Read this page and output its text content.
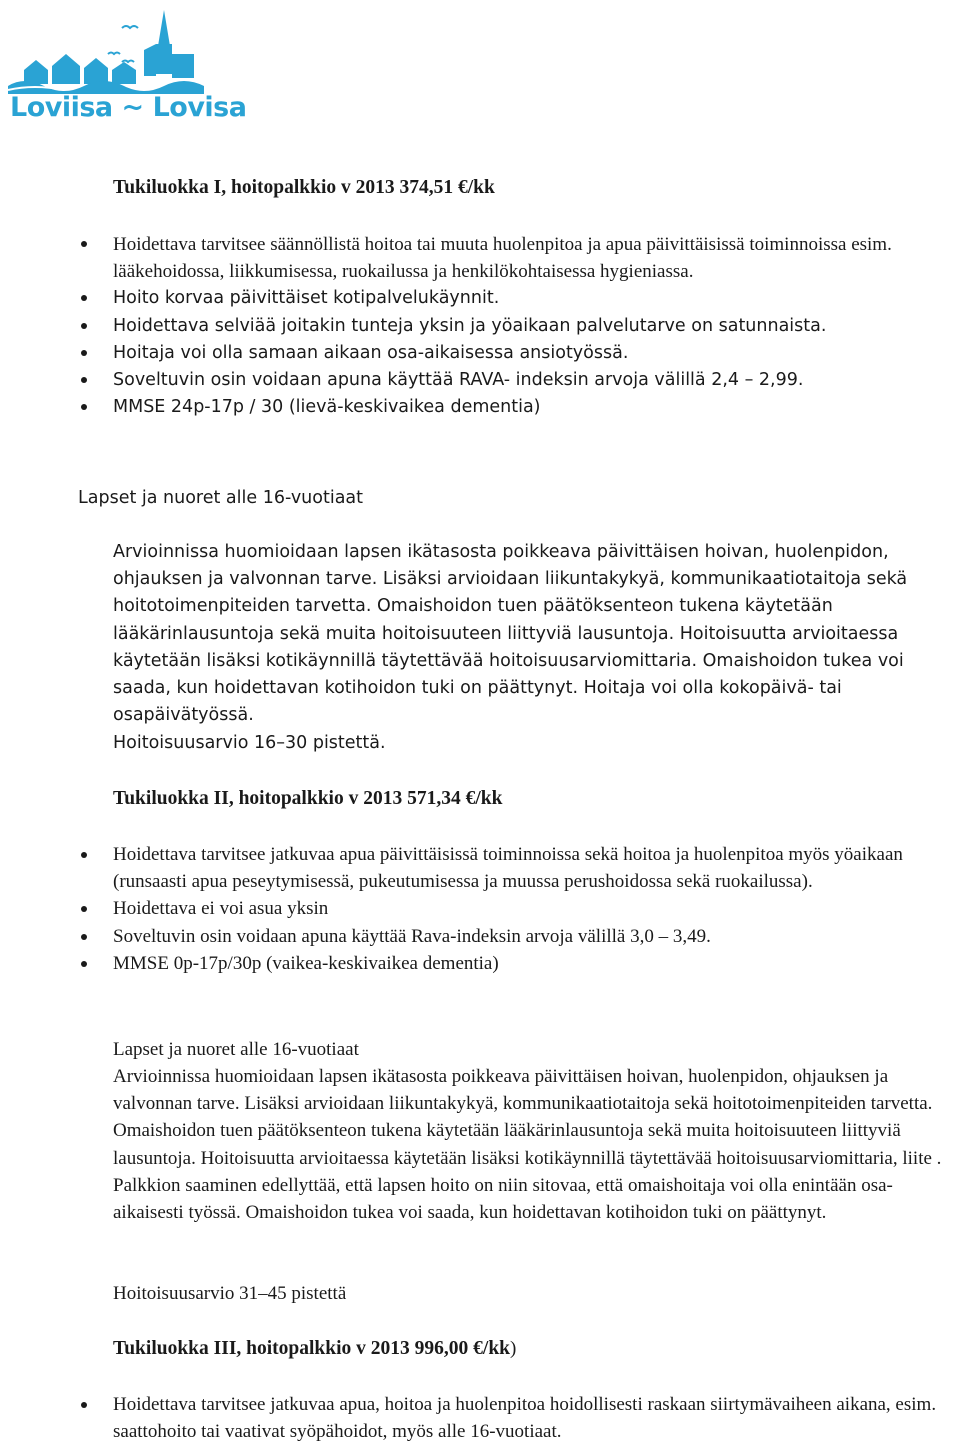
Loviisa ~ Lovisa
Tukiluokka I, hoitopalkkio v 2013 374,51 €/kk
Hoidettava tarvitsee säännöllistä hoitoa tai muuta huolenpitoa ja apua päivittäisissä toiminnoissa esim. lääkehoidossa, liikkumisessa, ruokailussa ja henkilökohtaisessa hygieniassa.
Hoito korvaa päivittäiset kotipalvelukäynnit.
Hoidettava selviää joitakin tunteja yksin ja yöaikaan palvelutarve on satunnaista.
Hoitaja voi olla samaan aikaan osa-aikaisessa ansiotyössä.
Soveltuvin osin voidaan apuna käyttää RAVA- indeksin arvoja välillä 2,4 – 2,99.
MMSE 24p-17p / 30 (lievä-keskivaikea dementia)
Lapset ja nuoret alle 16-vuotiaat
Arvioinnissa huomioidaan lapsen ikätasosta poikkeava päivittäisen hoivan, huolenpidon, ohjauksen ja valvonnan tarve. Lisäksi arvioidaan liikuntakykyä, kommunikaatiotaitoja sekä hoitotoimenpiteiden tarvetta. Omaishoidon tuen päätöksenteon tukena käytetään lääkärinlausuntoja sekä muita hoitoisuuteen liittyviä lausuntoja. Hoitoisuutta arvioitaessa käytetään lisäksi kotikäynnillä täytettävää hoitoisuusarviomittaria. Omaishoidon tukea voi saada, kun hoidettavan kotihoidon tuki on päättynyt. Hoitaja voi olla kokopäivä- tai osapäivätyössä.
Hoitoisuusarvio 16–30 pistettä.
Tukiluokka II, hoitopalkkio v 2013 571,34 €/kk
Hoidettava tarvitsee jatkuvaa apua päivittäisissä toiminnoissa sekä hoitoa ja huolenpitoa myös yöaikaan (runsaasti apua peseytymisessä, pukeutumisessa ja muussa perushoidossa sekä ruokailussa).
Hoidettava ei voi asua yksin
Soveltuvin osin voidaan apuna käyttää Rava-indeksin arvoja välillä 3,0 – 3,49.
MMSE 0p-17p/30p (vaikea-keskivaikea dementia)
Lapset ja nuoret alle 16-vuotiaat
Arvioinnissa huomioidaan lapsen ikätasosta poikkeava päivittäisen hoivan, huolenpidon, ohjauksen ja valvonnan tarve. Lisäksi arvioidaan liikuntakykyä, kommunikaatiotaitoja sekä hoitotoimenpiteiden tarvetta. Omaishoidon tuen päätöksenteon tukena käytetään lääkärinlausuntoja sekä muita hoitoisuuteen liittyviä lausuntoja. Hoitoisuutta arvioitaessa käytetään lisäksi kotikäynnillä täytettävää hoitoisuusarviomittaria, liite . Palkkion saaminen edellyttää, että lapsen hoito on niin sitovaa, että omaishoitaja voi olla enintään osa-aikaisesti työssä. Omaishoidon tukea voi saada, kun hoidettavan kotihoidon tuki on päättynyt.
Hoitoisuusarvio 31–45 pistettä
Tukiluokka III, hoitopalkkio v 2013 996,00 €/kk)
Hoidettava tarvitsee jatkuvaa apua, hoitoa ja huolenpitoa hoidollisesti raskaan siirtymävaiheen aikana, esim. saattohoito tai vaativat syöpähoidot, myös alle 16-vuotiaat.
